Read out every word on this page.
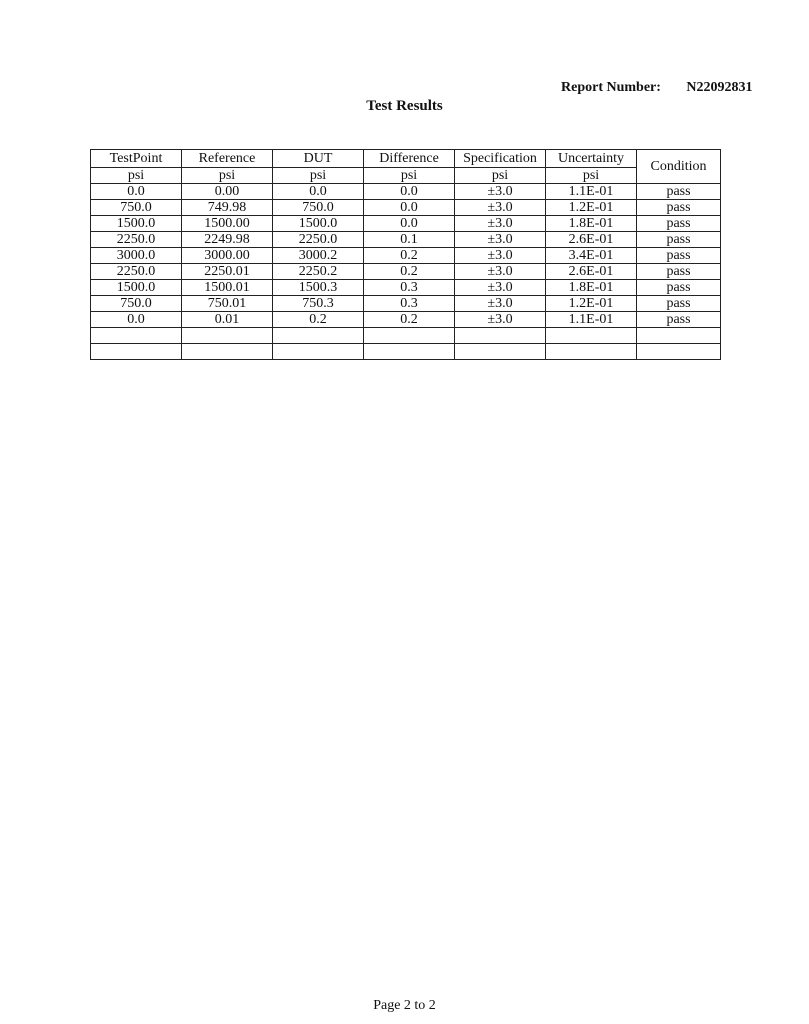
Report Number: N22092831
Test Results
TestPoint	Reference	DUT	Difference	Specification	Uncertainty	Condition
psi	psi	psi	psi	psi	psi	
0.0	0.00	0.0	0.0	±3.0	1.1E-01	pass
750.0	749.98	750.0	0.0	±3.0	1.2E-01	pass
1500.0	1500.00	1500.0	0.0	±3.0	1.8E-01	pass
2250.0	2249.98	2250.0	0.1	±3.0	2.6E-01	pass
3000.0	3000.00	3000.2	0.2	±3.0	3.4E-01	pass
2250.0	2250.01	2250.2	0.2	±3.0	2.6E-01	pass
1500.0	1500.01	1500.3	0.3	±3.0	1.8E-01	pass
750.0	750.01	750.3	0.3	±3.0	1.2E-01	pass
0.0	0.01	0.2	0.2	±3.0	1.1E-01	pass

Page 2 to 2
